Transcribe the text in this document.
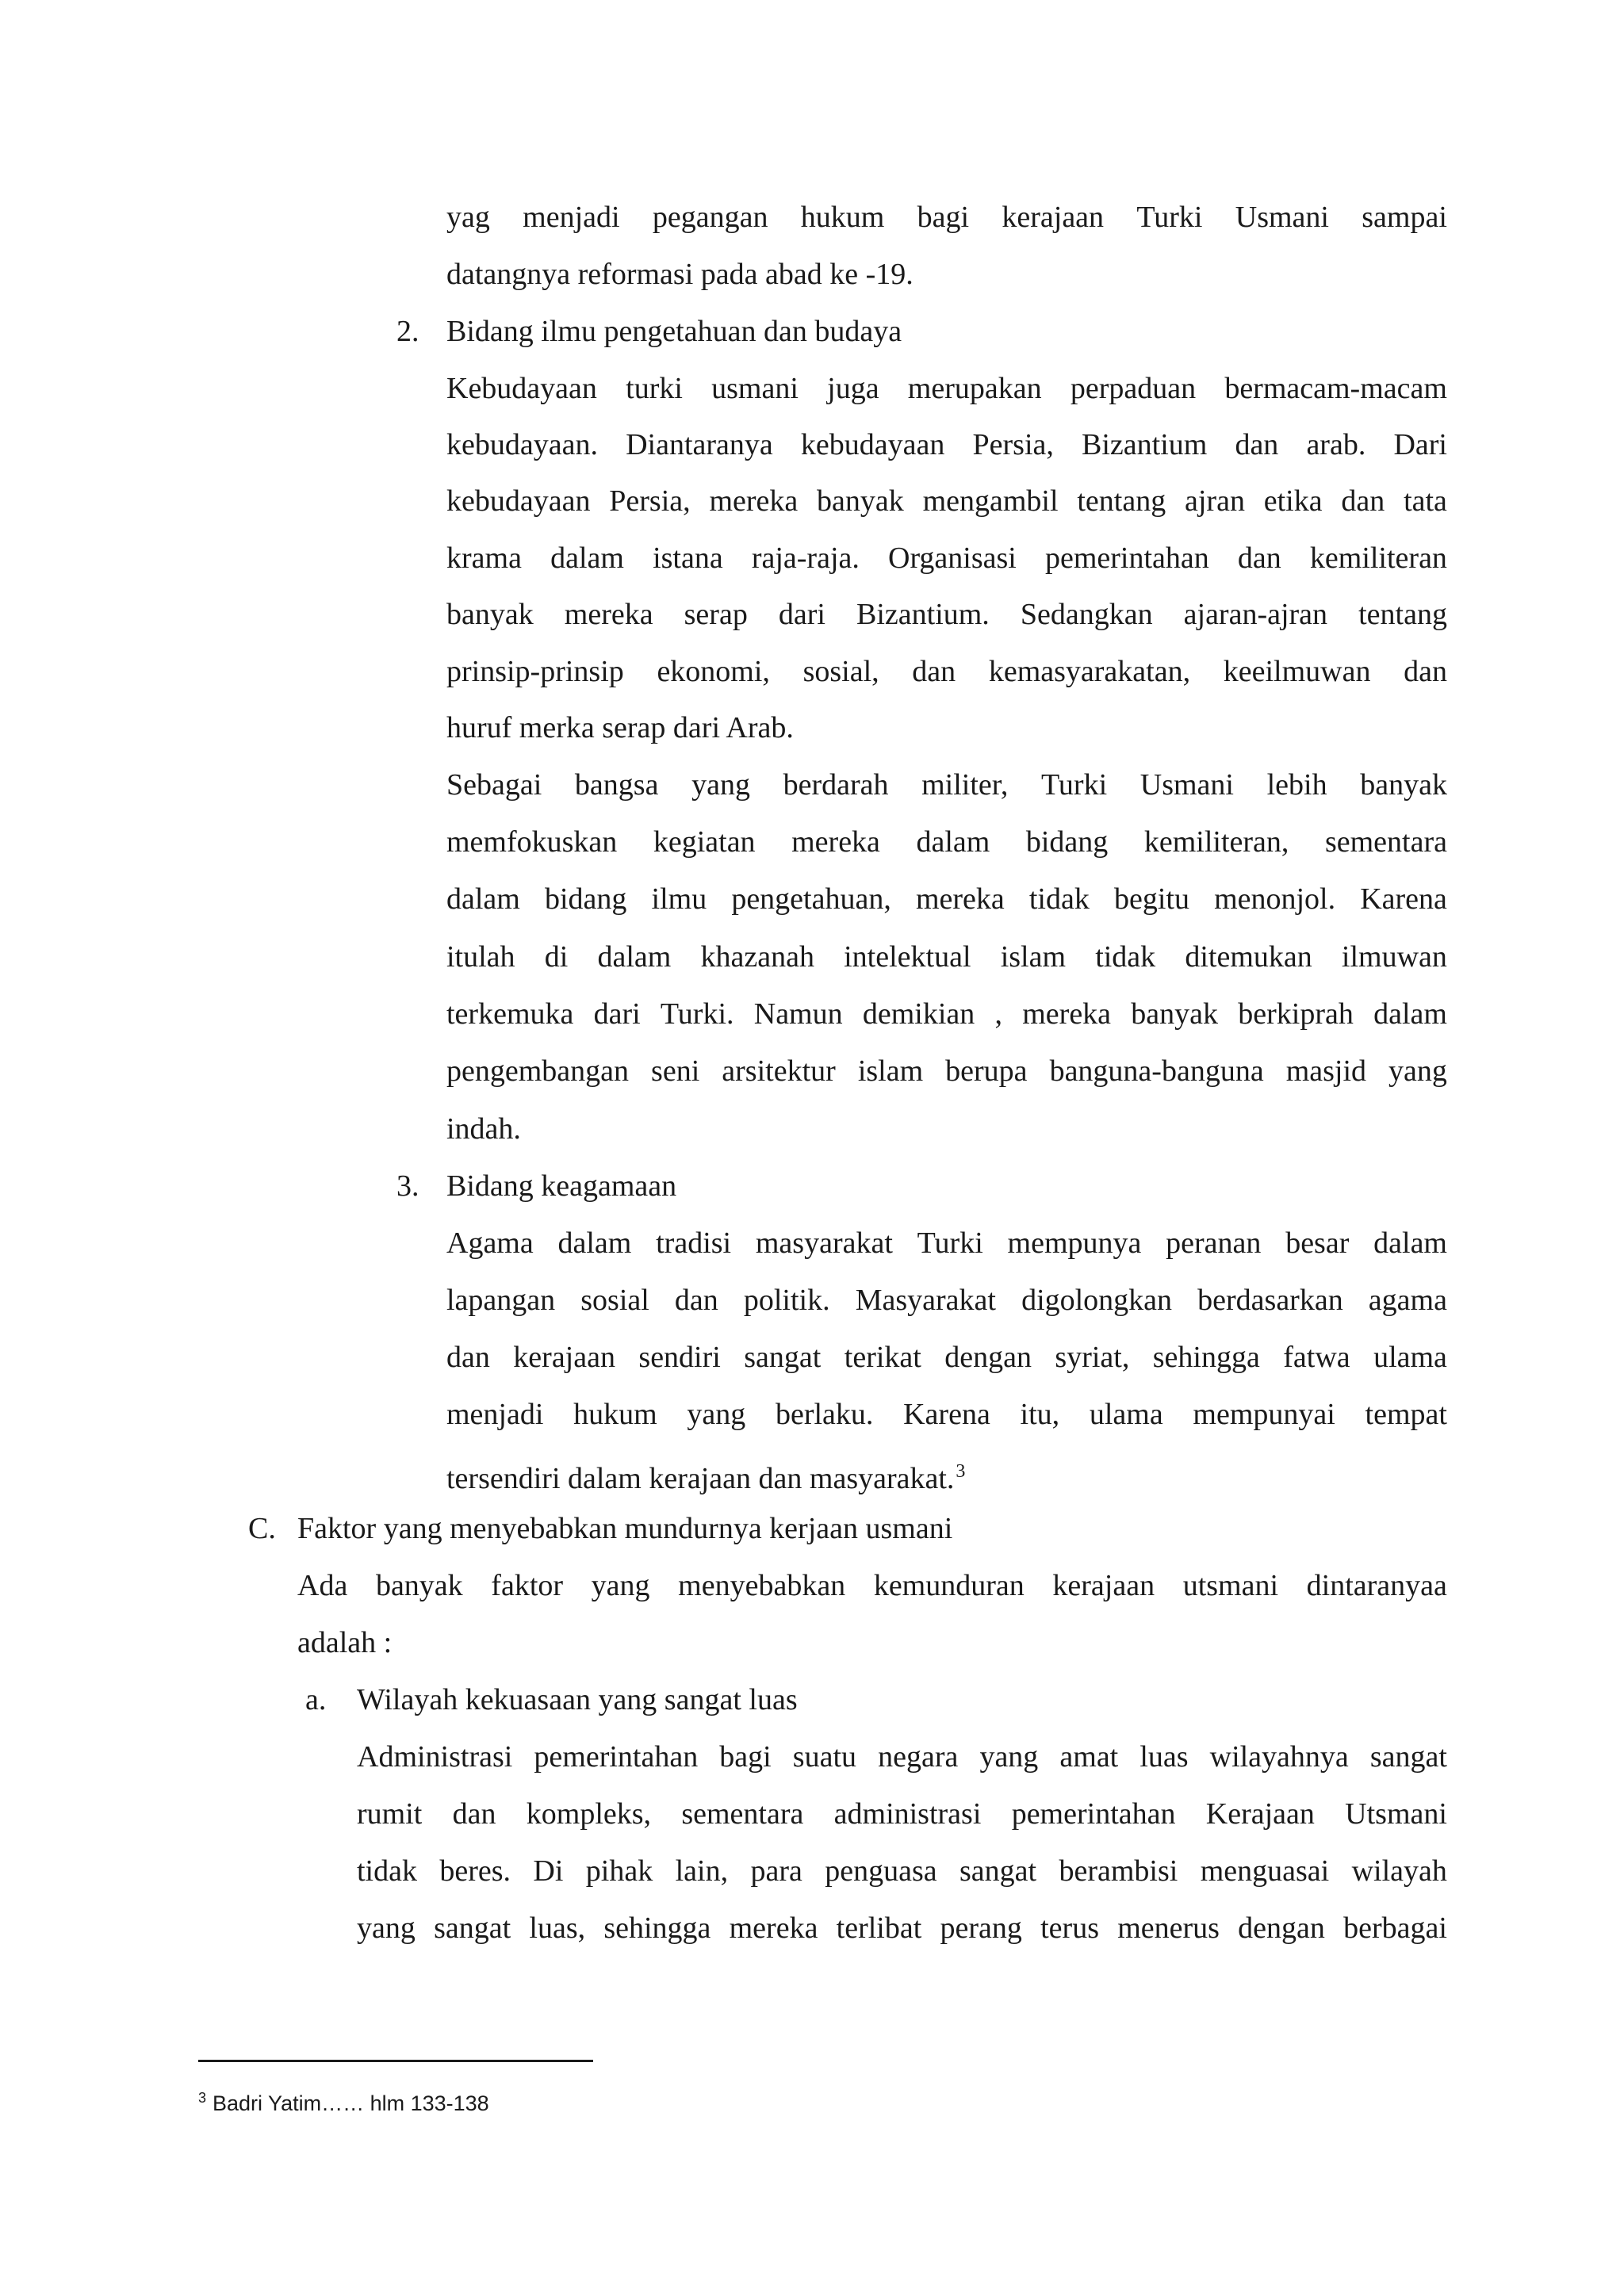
yag menjadi pegangan hukum bagi kerajaan Turki Usmani sampai
datangnya reformasi pada abad ke -19.
2. Bidang ilmu pengetahuan dan budaya
Kebudayaan turki usmani juga merupakan perpaduan bermacam-macam
kebudayaan. Diantaranya kebudayaan Persia, Bizantium dan arab. Dari
kebudayaan Persia, mereka banyak mengambil tentang ajran etika dan tata
krama dalam istana raja-raja. Organisasi pemerintahan dan kemiliteran
banyak mereka serap dari Bizantium. Sedangkan ajaran-ajran tentang
prinsip-prinsip ekonomi, sosial, dan kemasyarakatan, keeilmuwan dan
huruf merka serap dari Arab.
Sebagai bangsa yang berdarah militer, Turki Usmani lebih banyak
memfokuskan kegiatan mereka dalam bidang kemiliteran, sementara
dalam bidang ilmu pengetahuan, mereka tidak begitu menonjol. Karena
itulah di dalam khazanah intelektual islam tidak ditemukan ilmuwan
terkemuka dari Turki. Namun demikian , mereka banyak berkiprah dalam
pengembangan seni arsitektur islam berupa banguna-banguna masjid yang
indah.
3. Bidang keagamaan
Agama dalam tradisi masyarakat Turki mempunya peranan besar dalam
lapangan sosial dan politik. Masyarakat digolongkan berdasarkan agama
dan kerajaan sendiri sangat terikat dengan syriat, sehingga fatwa ulama
menjadi hukum yang berlaku. Karena itu, ulama mempunyai tempat
tersendiri dalam kerajaan dan masyarakat.$^3$
C. Faktor yang menyebabkan mundurnya kerjaan usmani
Ada banyak faktor yang menyebabkan kemunduran kerajaan utsmani dintaranyaa
adalah :
a. Wilayah kekuasaan yang sangat luas
Administrasi pemerintahan bagi suatu negara yang amat luas wilayahnya sangat
rumit dan kompleks, sementara administrasi pemerintahan Kerajaan Utsmani
tidak beres. Di pihak lain, para penguasa sangat berambisi menguasai wilayah
yang sangat luas, sehingga mereka terlibat perang terus menerus dengan berbagai
$^3$ Badri Yatim…… hlm 133-138
